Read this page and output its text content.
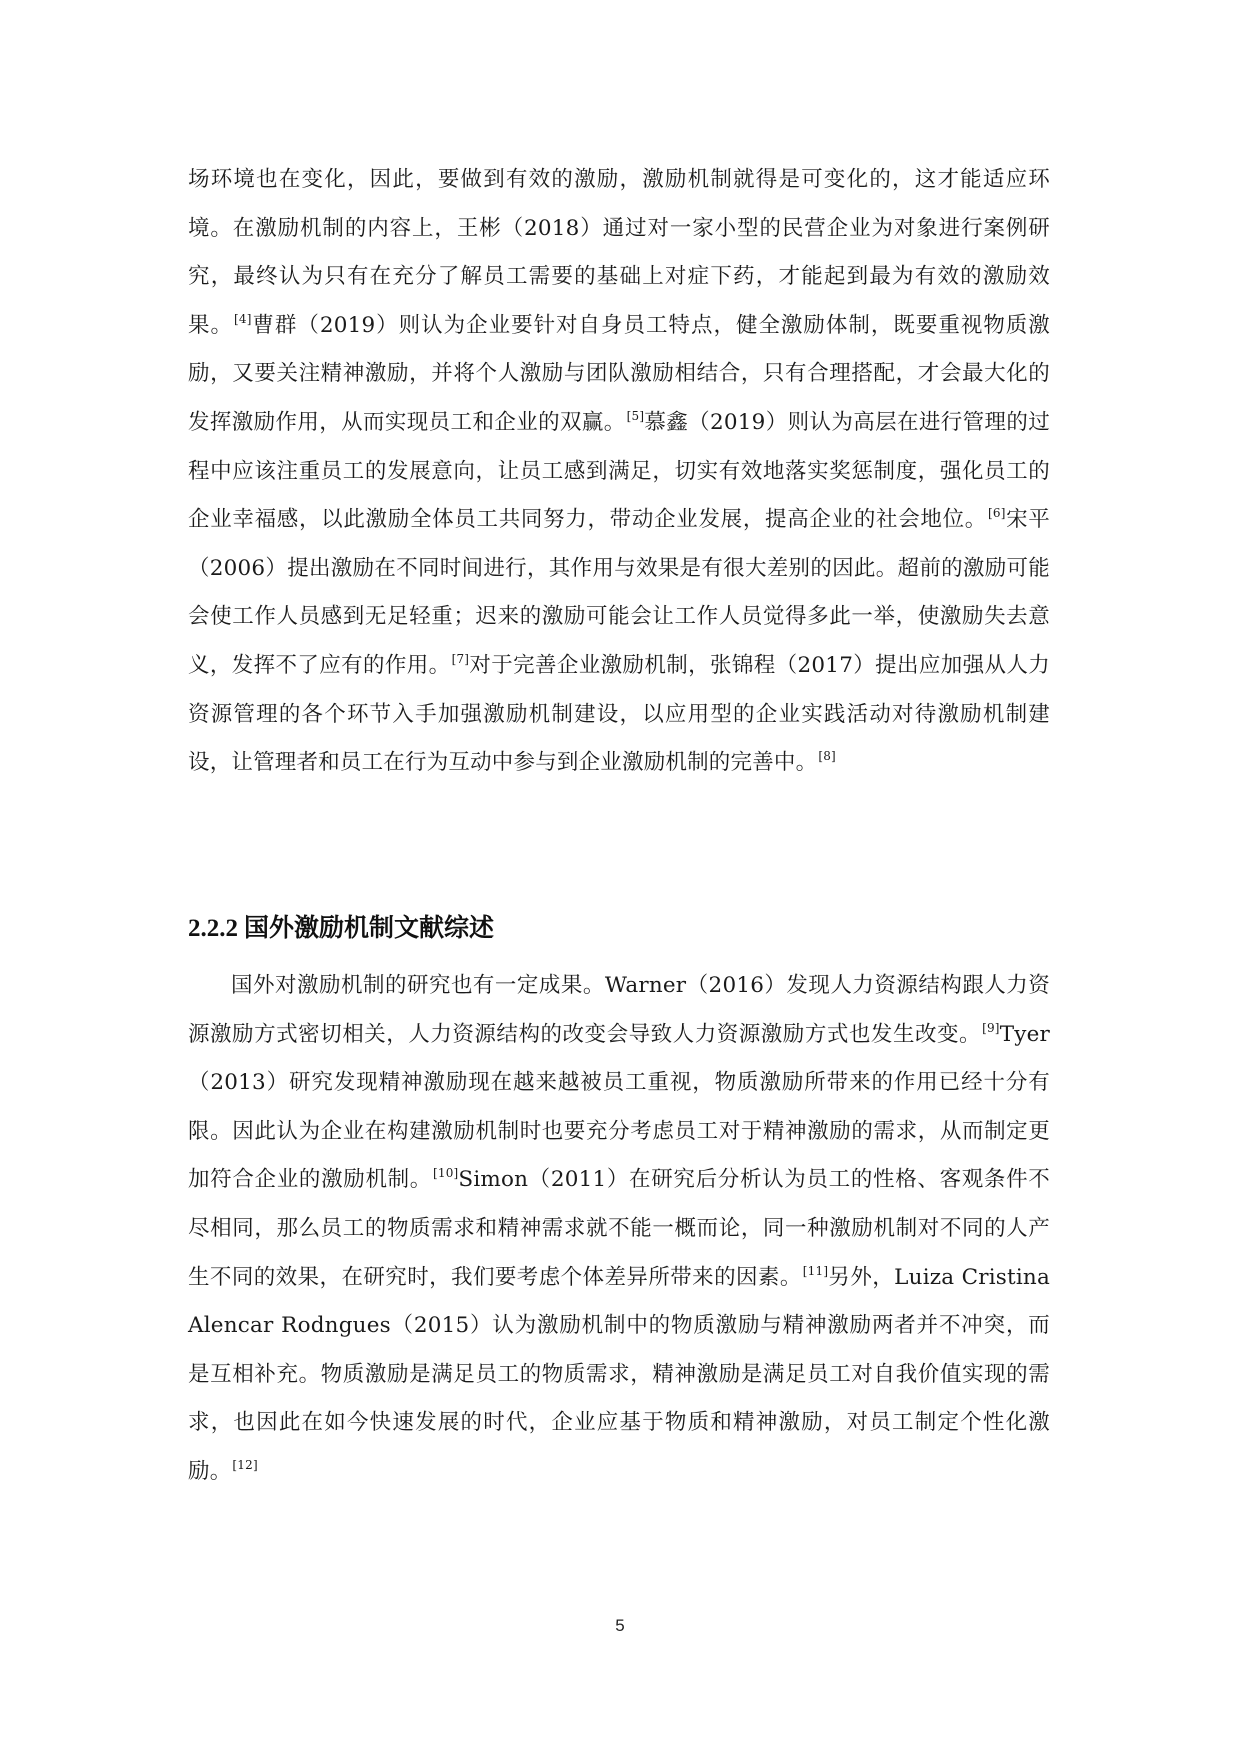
场环境也在变化，因此，要做到有效的激励，激励机制就得是可变化的，这才能适应环境。在激励机制的内容上，王彬（2018）通过对一家小型的民营企业为对象进行案例研究，最终认为只有在充分了解员工需要的基础上对症下药，才能起到最为有效的激励效果。[4]曹群（2019）则认为企业要针对自身员工特点，健全激励体制，既要重视物质激励，又要关注精神激励，并将个人激励与团队激励相结合，只有合理搭配，才会最大化的发挥激励作用，从而实现员工和企业的双赢。[5]慕鑫（2019）则认为高层在进行管理的过程中应该注重员工的发展意向，让员工感到满足，切实有效地落实奖惩制度，强化员工的企业幸福感，以此激励全体员工共同努力，带动企业发展，提高企业的社会地位。[6]宋平（2006）提出激励在不同时间进行，其作用与效果是有很大差别的因此。超前的激励可能会使工作人员感到无足轻重；迟来的激励可能会让工作人员觉得多此一举，使激励失去意义，发挥不了应有的作用。[7]对于完善企业激励机制，张锦程（2017）提出应加强从人力资源管理的各个环节入手加强激励机制建设，以应用型的企业实践活动对待激励机制建设，让管理者和员工在行为互动中参与到企业激励机制的完善中。[8]

2.2.2 国外激励机制文献综述

国外对激励机制的研究也有一定成果。Warner（2016）发现人力资源结构跟人力资源激励方式密切相关，人力资源结构的改变会导致人力资源激励方式也发生改变。[9]Tyer（2013）研究发现精神激励现在越来越被员工重视，物质激励所带来的作用已经十分有限。因此认为企业在构建激励机制时也要充分考虑员工对于精神激励的需求，从而制定更加符合企业的激励机制。[10]Simon（2011）在研究后分析认为员工的性格、客观条件不尽相同，那么员工的物质需求和精神需求就不能一概而论，同一种激励机制对不同的人产生不同的效果，在研究时，我们要考虑个体差异所带来的因素。[11]另外，Luiza Cristina Alencar Rodngues（2015）认为激励机制中的物质激励与精神激励两者并不冲突，而是互相补充。物质激励是满足员工的物质需求，精神激励是满足员工对自我价值实现的需求，也因此在如今快速发展的时代，企业应基于物质和精神激励，对员工制定个性化激励。[12]

5
